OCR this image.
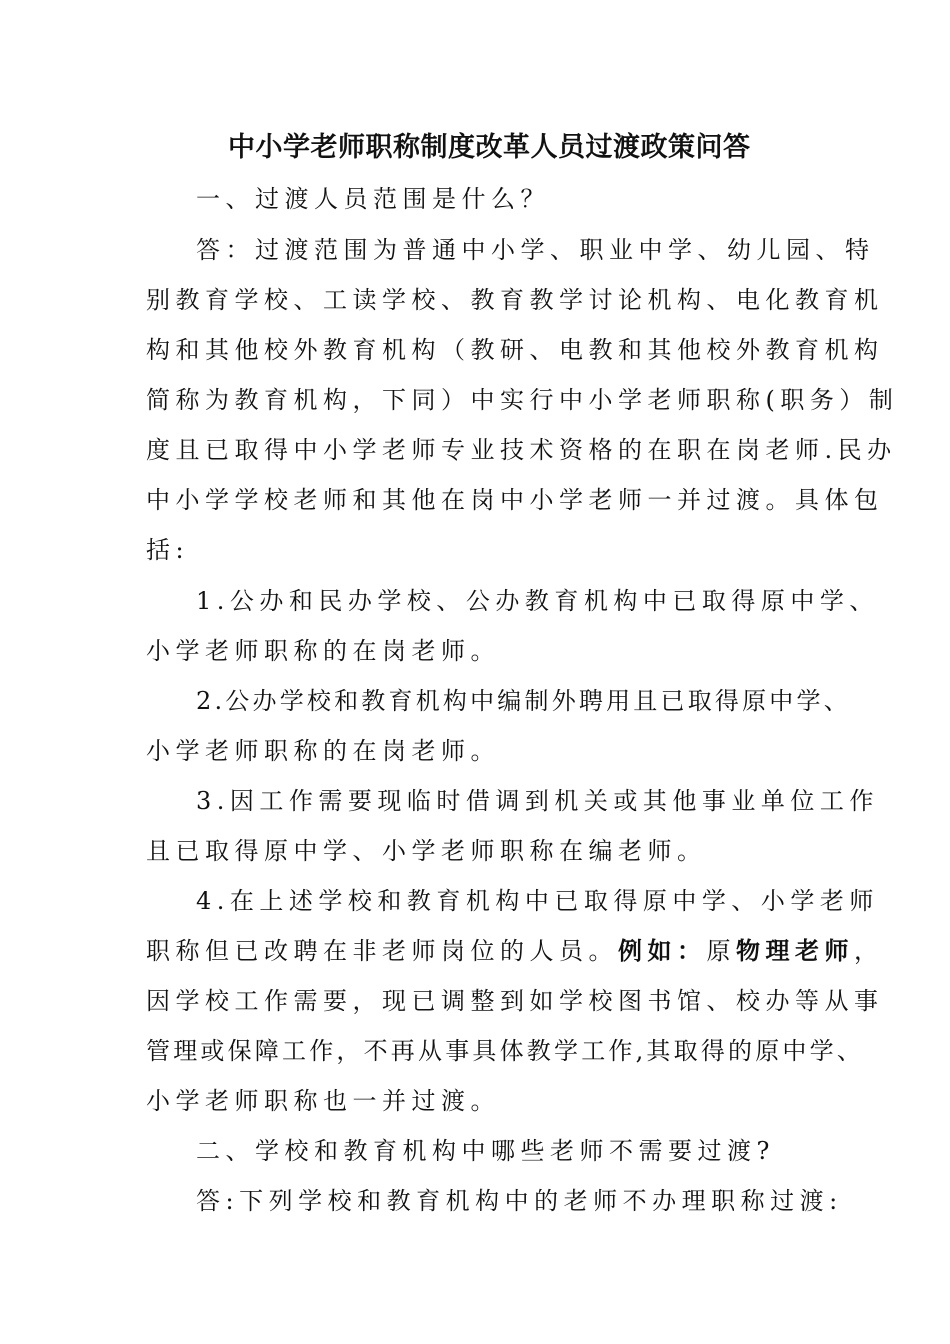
中小学老师职称制度改革人员过渡政策问答
一、过渡人员范围是什么？
答：过渡范围为普通中小学、职业中学、幼儿园、特
别教育学校、工读学校、教育教学讨论机构、电化教育机
构和其他校外教育机构（教研、电教和其他校外教育机构
简称为教育机构，下同）中实行中小学老师职称(职务）制
度且已取得中小学老师专业技术资格的在职在岗老师.民办
中小学学校老师和其他在岗中小学老师一并过渡。具体包
括:
1.公办和民办学校、公办教育机构中已取得原中学、
小学老师职称的在岗老师。
2.公办学校和教育机构中编制外聘用且已取得原中学、
小学老师职称的在岗老师。
3.因工作需要现临时借调到机关或其他事业单位工作
且已取得原中学、小学老师职称在编老师。
4.在上述学校和教育机构中已取得原中学、小学老师
职称但已改聘在非老师岗位的人员。例如：原物理老师，
因学校工作需要，现已调整到如学校图书馆、校办等从事
管理或保障工作，不再从事具体教学工作,其取得的原中学、
小学老师职称也一并过渡。
二、学校和教育机构中哪些老师不需要过渡?
答:下列学校和教育机构中的老师不办理职称过渡:
